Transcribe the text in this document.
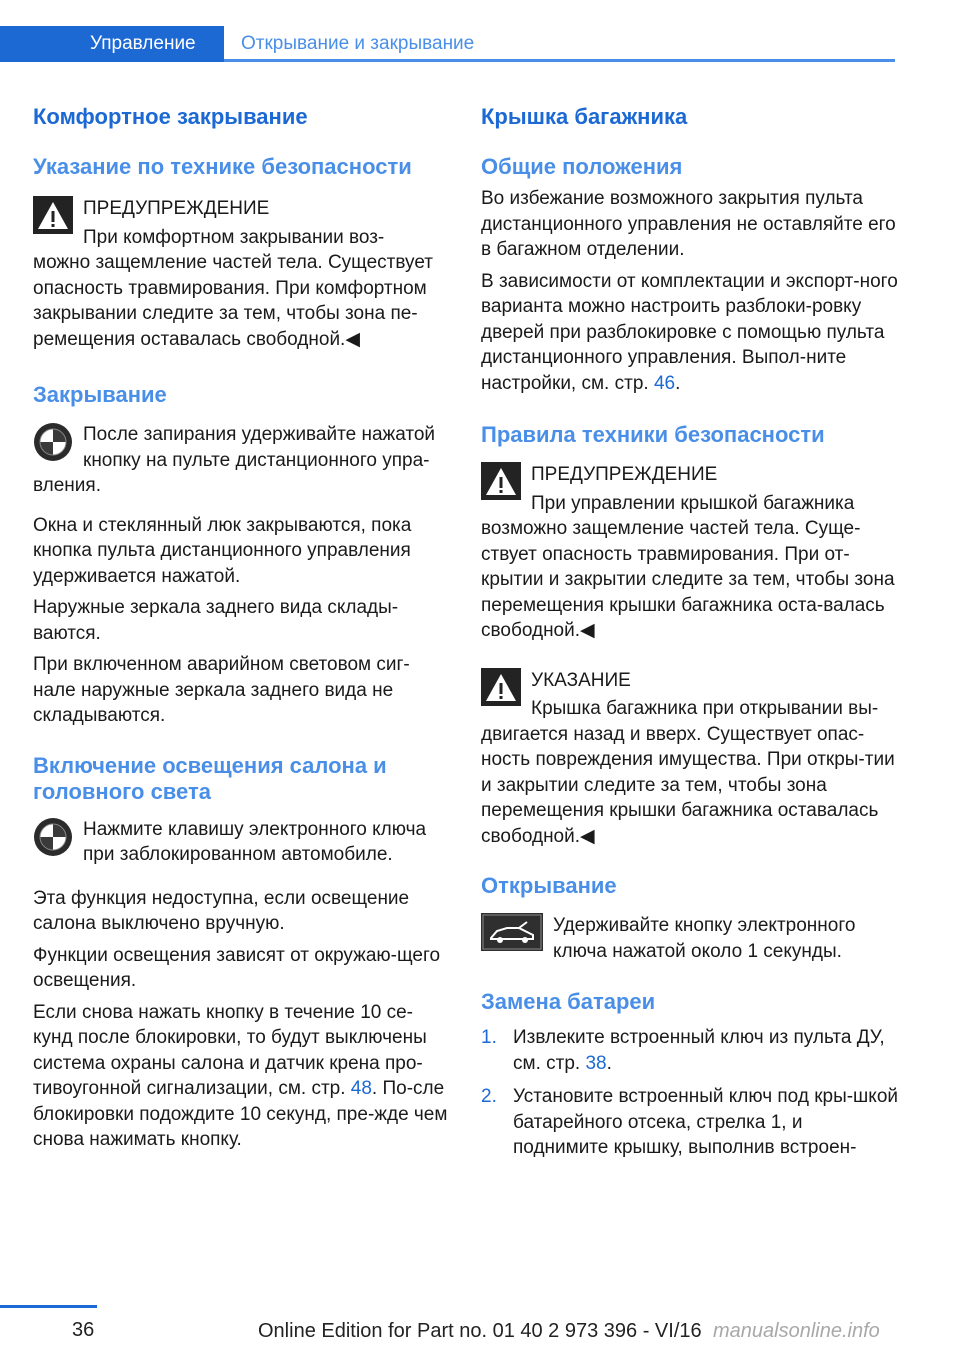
Управление	Открывание и закрывание
Комфортное закрывание
Указание по технике безопасности
ПРЕДУПРЕЖДЕНИЕ
При комфортном закрывании воз-
можно защемление частей тела. Существует опасность травмирования. При комфортном закрывании следите за тем, чтобы зона пе-ремещения оставалась свободной.◀
Закрывание
После запирания удерживайте нажатой кнопку на пульте дистанционного упра-
вления.

Окна и стеклянный люк закрываются, пока кнопка пульта дистанционного управления удерживается нажатой.

Наружные зеркала заднего вида склады-ваются.

При включенном аварийном световом сиг-нале наружные зеркала заднего вида не складываются.

Включение освещения салона и головного света
Нажмите клавишу электронного ключа при заблокированном автомобиле.

Эта функция недоступна, если освещение салона выключено вручную.

Функции освещения зависят от окружаю-щего освещения.

Если снова нажать кнопку в течение 10 се-кунд после блокировки, то будут выключены система охраны салона и датчик крена про-тивоугонной сигнализации, см. стр. 48. По-сле блокировки подождите 10 секунд, пре-жде чем снова нажимать кнопку.

Крышка багажника
Общие положения

Во избежание возможного закрытия пульта дистанционного управления не оставляйте его в багажном отделении.

В зависимости от комплектации и экспорт-ного варианта можно настроить разблоки-ровку дверей при разблокировке с помощью пульта дистанционного управления. Выпол-ните настройки, см. стр. 46.

Правила техники безопасности
ПРЕДУПРЕЖДЕНИЕ
При управлении крышкой багажника
возможно защемление частей тела. Суще-ствует опасность травмирования. При от-крытии и закрытии следите за тем, чтобы зона перемещения крышки багажника оста-валась свободной.◀
УКАЗАНИЕ
Крышка багажника при открывании вы-
двигается назад и вверх. Существует опас-ность повреждения имущества. При откры-тии и закрытии следите за тем, чтобы зона перемещения крышки багажника оставалась свободной.◀
Открывание
Удерживайте кнопку электронного ключа нажатой около 1 секунды.
Замена батареи
1. Извлеките встроенный ключ из пульта ДУ, см. стр. 38.
2. Установите встроенный ключ под кры-шкой батарейного отсека, стрелка 1, и поднимите крышку, выполнив встроен-
36	Online Edition for Part no. 01 40 2 973 396 - VI/16 manualsonline.info
